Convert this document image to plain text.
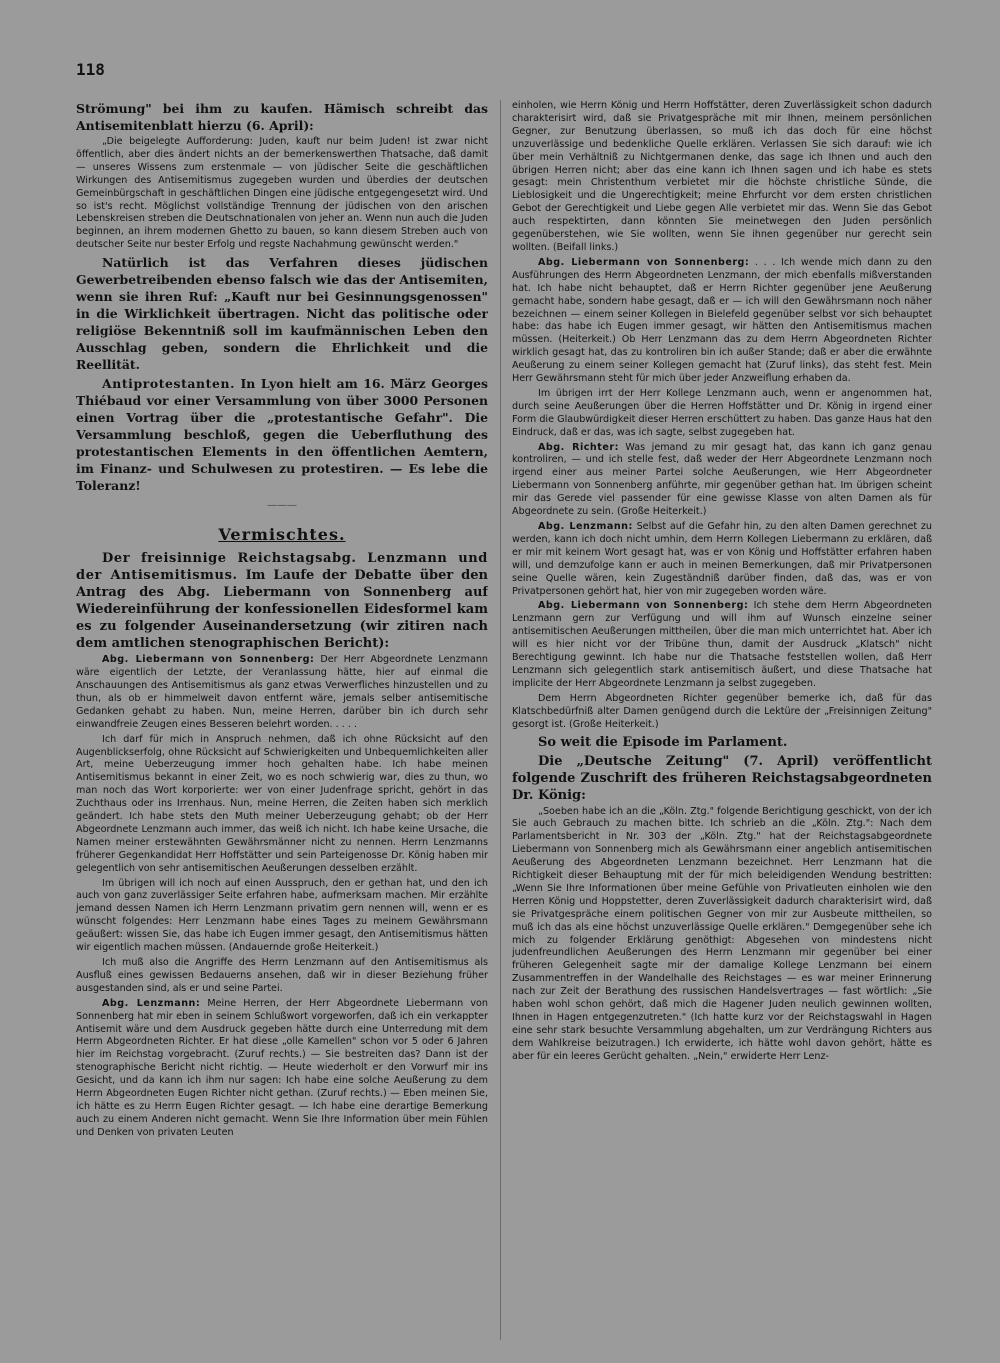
118

Strömung" bei ihm zu kaufen. Hämisch schreibt das Antisemitenblatt hierzu (6. April):

„Die beigelegte Aufforderung: Juden, kauft nur beim Juden! ist zwar nicht öffentlich, aber dies ändert nichts an der bemerkenswerthen Thatsache, daß damit — unseres Wissens zum erstenmale — von jüdischer Seite die geschäftlichen Wirkungen des Antisemitismus zugegeben wurden und überdies der deutschen Gemeinbürgschaft in geschäftlichen Dingen eine jüdische entgegengesetzt wird. Und so ist's recht. Möglichst vollständige Trennung der jüdischen von den arischen Lebenskreisen streben die Deutschnationalen von jeher an. Wenn nun auch die Juden beginnen, an ihrem modernen Ghetto zu bauen, so kann diesem Streben auch von deutscher Seite nur bester Erfolg und regste Nachahmung gewünscht werden."

Natürlich ist das Verfahren dieses jüdischen Gewerbetreibenden ebenso falsch wie das der Antisemiten, wenn sie ihren Ruf: „Kauft nur bei Gesinnungsgenossen" in die Wirklichkeit übertragen. Nicht das politische oder religiöse Bekenntniß soll im kaufmännischen Leben den Ausschlag geben, sondern die Ehrlichkeit und die Reellität.

Antiprotestanten. In Lyon hielt am 16. März Georges Thiébaud vor einer Versammlung von über 3000 Personen einen Vortrag über die „protestantische Gefahr". Die Versammlung beschloß, gegen die Ueberfluthung des protestantischen Elements in den öffentlichen Aemtern, im Finanz- und Schulwesen zu protestiren. — Es lebe die Toleranz!

———
Vermischtes.

Der freisinnige Reichstagsabg. Lenzmann und der Antisemitismus. Im Laufe der Debatte über den Antrag des Abg. Liebermann von Sonnenberg auf Wiedereinführung der konfessionellen Eidesformel kam es zu folgender Auseinandersetzung (wir zitiren nach dem amtlichen stenographischen Bericht):

Abg. Liebermann von Sonnenberg: Der Herr Abgeordnete Lenzmann wäre eigentlich der Letzte, der Veranlassung hätte, hier auf einmal die Anschauungen des Antisemitismus als ganz etwas Verwerfliches hinzustellen und zu thun, als ob er himmelweit davon entfernt wäre, jemals selber antisemitische Gedanken gehabt zu haben. Nun, meine Herren, darüber bin ich durch sehr einwandfreie Zeugen eines Besseren belehrt worden. . . . .

Ich darf für mich in Anspruch nehmen, daß ich ohne Rücksicht auf den Augenblickserfolg, ohne Rücksicht auf Schwierigkeiten und Unbequemlichkeiten aller Art, meine Ueberzeugung immer hoch gehalten habe. Ich habe meinen Antisemitismus bekannt in einer Zeit, wo es noch schwierig war, dies zu thun, wo man noch das Wort korporierte: wer von einer Judenfrage spricht, gehört in das Zuchthaus oder ins Irrenhaus. Nun, meine Herren, die Zeiten haben sich merklich geändert. Ich habe stets den Muth meiner Ueberzeugung gehabt; ob der Herr Abgeordnete Lenzmann auch immer, das weiß ich nicht. Ich habe keine Ursache, die Namen meiner erstewähnten Gewährsmänner nicht zu nennen. Herrn Lenzmanns früherer Gegenkandidat Herr Hoffstätter und sein Parteigenosse Dr. König haben mir gelegentlich von sehr antisemitischen Aeußerungen desselben erzählt.

Im übrigen will ich noch auf einen Ausspruch, den er gethan hat, und den ich auch von ganz zuverlässiger Seite erfahren habe, aufmerksam machen. Mir erzählte jemand dessen Namen ich Herrn Lenzmann privatim gern nennen will, wenn er es wünscht folgendes: Herr Lenzmann habe eines Tages zu meinem Gewährsmann geäußert: wissen Sie, das habe ich Eugen immer gesagt, den Antisemitismus hätten wir eigentlich machen müssen. (Andauernde große Heiterkeit.)

Ich muß also die Angriffe des Herrn Lenzmann auf den Antisemitismus als Ausfluß eines gewissen Bedauerns ansehen, daß wir in dieser Beziehung früher ausgestanden sind, als er und seine Partei.

Abg. Lenzmann: Meine Herren, der Herr Abgeordnete Liebermann von Sonnenberg hat mir eben in seinem Schlußwort vorgeworfen, daß ich ein verkappter Antisemit wäre und dem Ausdruck gegeben hätte durch eine Unterredung mit dem Herrn Abgeordneten Richter. Er hat diese „olle Kamellen" schon vor 5 oder 6 Jahren hier im Reichstag vorgebracht. (Zuruf rechts.) — Sie bestreiten das? Dann ist der stenographische Bericht nicht richtig. — Heute wiederholt er den Vorwurf mir ins Gesicht, und da kann ich ihm nur sagen: Ich habe eine solche Aeußerung zu dem Herrn Abgeordneten Eugen Richter nicht gethan. (Zuruf rechts.) — Eben meinen Sie, ich hätte es zu Herrn Eugen Richter gesagt. — Ich habe eine derartige Bemerkung auch zu einem Anderen nicht gemacht. Wenn Sie Ihre Information über mein Fühlen und Denken von privaten Leuten

einholen, wie Herrn König und Herrn Hoffstätter, deren Zuverlässigkeit schon dadurch charakterisirt wird, daß sie Privatgespräche mit mir Ihnen, meinem persönlichen Gegner, zur Benutzung überlassen, so muß ich das doch für eine höchst unzuverlässige und bedenkliche Quelle erklären. Verlassen Sie sich darauf: wie ich über mein Verhältniß zu Nichtgermanen denke, das sage ich Ihnen und auch den übrigen Herren nicht; aber das eine kann ich Ihnen sagen und ich habe es stets gesagt: mein Christenthum verbietet mir die höchste christliche Sünde, die Lieblosigkeit und die Ungerechtigkeit; meine Ehrfurcht vor dem ersten christlichen Gebot der Gerechtigkeit und Liebe gegen Alle verbietet mir das. Wenn Sie das Gebot auch respektirten, dann könnten Sie meinetwegen den Juden persönlich gegenüberstehen, wie Sie wollten, wenn Sie ihnen gegenüber nur gerecht sein wollten. (Beifall links.)

Abg. Liebermann von Sonnenberg: . . . Ich wende mich dann zu den Ausführungen des Herrn Abgeordneten Lenzmann, der mich ebenfalls mißverstanden hat. Ich habe nicht behauptet, daß er Herrn Richter gegenüber jene Aeußerung gemacht habe, sondern habe gesagt, daß er — ich will den Gewährsmann noch näher bezeichnen — einem seiner Kollegen in Bielefeld gegenüber selbst vor sich behauptet habe: das habe ich Eugen immer gesagt, wir hätten den Antisemitismus machen müssen. (Heiterkeit.) Ob Herr Lenzmann das zu dem Herrn Abgeordneten Richter wirklich gesagt hat, das zu kontroliren bin ich außer Stande; daß er aber die erwähnte Aeußerung zu einem seiner Kollegen gemacht hat (Zuruf links), das steht fest. Mein Herr Gewährsmann steht für mich über jeder Anzweiflung erhaben da.

Im übrigen irrt der Herr Kollege Lenzmann auch, wenn er angenommen hat, durch seine Aeußerungen über die Herren Hoffstätter und Dr. König in irgend einer Form die Glaubwürdigkeit dieser Herren erschüttert zu haben. Das ganze Haus hat den Eindruck, daß er das, was ich sagte, selbst zugegeben hat.

Abg. Richter: Was jemand zu mir gesagt hat, das kann ich ganz genau kontroliren, — und ich stelle fest, daß weder der Herr Abgeordnete Lenzmann noch irgend einer aus meiner Partei solche Aeußerungen, wie Herr Abgeordneter Liebermann von Sonnenberg anführte, mir gegenüber gethan hat. Im übrigen scheint mir das Gerede viel passender für eine gewisse Klasse von alten Damen als für Abgeordnete zu sein. (Große Heiterkeit.)

Abg. Lenzmann: Selbst auf die Gefahr hin, zu den alten Damen gerechnet zu werden, kann ich doch nicht umhin, dem Herrn Kollegen Liebermann zu erklären, daß er mir mit keinem Wort gesagt hat, was er von König und Hoffstätter erfahren haben will, und demzufolge kann er auch in meinen Bemerkungen, daß mir Privatpersonen seine Quelle wären, kein Zugeständniß darüber finden, daß das, was er von Privatpersonen gehört hat, hier von mir zugegeben worden wäre.

Abg. Liebermann von Sonnenberg: Ich stehe dem Herrn Abgeordneten Lenzmann gern zur Verfügung und will ihm auf Wunsch einzelne seiner antisemitischen Aeußerungen mittheilen, über die man mich unterrichtet hat. Aber ich will es hier nicht vor der Tribüne thun, damit der Ausdruck „Klatsch" nicht Berechtigung gewinnt. Ich habe nur die Thatsache feststellen wollen, daß Herr Lenzmann sich gelegentlich stark antisemitisch äußert, und diese Thatsache hat implicite der Herr Abgeordnete Lenzmann ja selbst zugegeben.

Dem Herrn Abgeordneten Richter gegenüber bemerke ich, daß für das Klatschbedürfniß alter Damen genügend durch die Lektüre der „Freisinnigen Zeitung" gesorgt ist. (Große Heiterkeit.)

So weit die Episode im Parlament.

Die „Deutsche Zeitung" (7. April) veröffentlicht folgende Zuschrift des früheren Reichstagsabgeordneten Dr. König:

„Soeben habe ich an die „Köln. Ztg." folgende Berichtigung geschickt, von der ich Sie auch Gebrauch zu machen bitte. Ich schrieb an die „Köln. Ztg.": Nach dem Parlamentsbericht in Nr. 303 der „Köln. Ztg." hat der Reichstagsabgeordnete Liebermann von Sonnenberg mich als Gewährsmann einer angeblich antisemitischen Aeußerung des Abgeordneten Lenzmann bezeichnet. Herr Lenzmann hat die Richtigkeit dieser Behauptung mit der für mich beleidigenden Wendung bestritten: „Wenn Sie Ihre Informationen über meine Gefühle von Privatleuten einholen wie den Herren König und Hoppstetter, deren Zuverlässigkeit dadurch charakterisirt wird, daß sie Privatgespräche einem politischen Gegner von mir zur Ausbeute mittheilen, so muß ich das als eine höchst unzuverlässige Quelle erklären." Demgegenüber sehe ich mich zu folgender Erklärung genöthigt: Abgesehen von mindestens nicht judenfreundlichen Aeußerungen des Herrn Lenzmann mir gegenüber bei einer früheren Gelegenheit sagte mir der damalige Kollege Lenzmann bei einem Zusammentreffen in der Wandelhalle des Reichstages — es war meiner Erinnerung nach zur Zeit der Berathung des russischen Handelsvertrages — fast wörtlich: „Sie haben wohl schon gehört, daß mich die Hagener Juden neulich gewinnen wollten, Ihnen in Hagen entgegenzutreten." (Ich hatte kurz vor der Reichstagswahl in Hagen eine sehr stark besuchte Versammlung abgehalten, um zur Verdrängung Richters aus dem Wahlkreise beizutragen.) Ich erwiderte, ich hätte wohl davon gehört, hätte es aber für ein leeres Gerücht gehalten. „Nein," erwiderte Herr Lenz-
